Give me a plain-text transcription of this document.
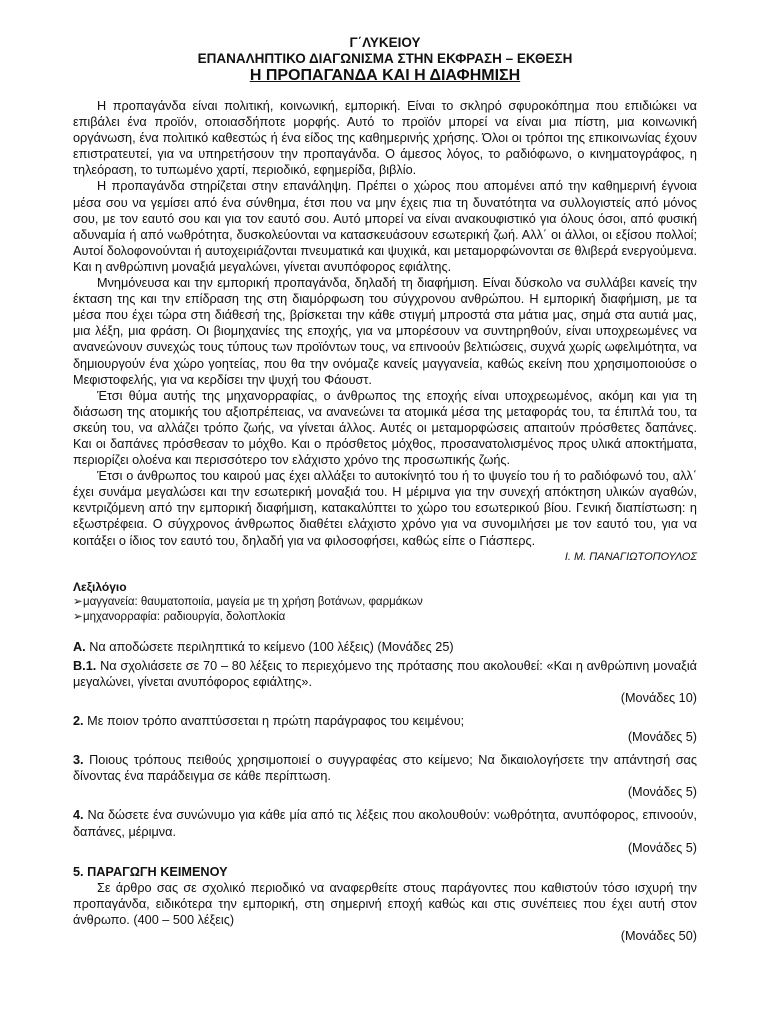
Γ΄ΛΥΚΕΙΟΥ
ΕΠΑΝΑΛΗΠΤΙΚΟ ΔΙΑΓΩΝΙΣΜΑ ΣΤΗΝ ΕΚΦΡΑΣΗ – ΕΚΘΕΣΗ
Η ΠΡΟΠΑΓΑΝΔΑ ΚΑΙ Η ΔΙΑΦΗΜΙΣΗ

Η προπαγάνδα είναι πολιτική, κοινωνική, εμπορική. Είναι το σκληρό σφυροκόπημα που επιδιώκει να επιβάλει ένα προϊόν, οποιασδήποτε μορφής. Αυτό το προϊόν μπορεί να είναι μια πίστη, μια κοινωνική οργάνωση, ένα πολιτικό καθεστώς ή ένα είδος της καθημερινής χρήσης. Όλοι οι τρόποι της επικοινωνίας έχουν επιστρατευτεί, για να υπηρετήσουν την προπαγάνδα. Ο άμεσος λόγος, το ραδιόφωνο, ο κινηματογράφος, η τηλεόραση, το τυπωμένο χαρτί, περιοδικό, εφημερίδα, βιβλίο.

Η προπαγάνδα στηρίζεται στην επανάληψη. Πρέπει ο χώρος που απομένει από την καθημερινή έγνοια μέσα σου να γεμίσει από ένα σύνθημα, έτσι που να μην έχεις πια τη δυνατότητα να συλλογιστείς από μόνος σου, με τον εαυτό σου και για τον εαυτό σου. Αυτό μπορεί να είναι ανακουφιστικό για όλους όσοι, από φυσική αδυναμία ή από νωθρότητα, δυσκολεύονται να κατασκευάσουν εσωτερική ζωή. Αλλ΄ οι άλλοι, οι εξίσου πολλοί; Αυτοί δολοφονούνται ή αυτοχειριάζονται πνευματικά και ψυχικά, και μεταμορφώνονται σε θλιβερά ενεργούμενα. Και η ανθρώπινη μοναξιά μεγαλώνει, γίνεται ανυπόφορος εφιάλτης.

Μνημόνευσα και την εμπορική προπαγάνδα, δηλαδή τη διαφήμιση. Είναι δύσκολο να συλλάβει κανείς την έκταση της και την επίδραση της στη διαμόρφωση του σύγχρονου ανθρώπου. Η εμπορική διαφήμιση, με τα μέσα που έχει τώρα στη διάθεσή της, βρίσκεται την κάθε στιγμή μπροστά στα μάτια μας, σημά στα αυτιά μας, μια λέξη, μια φράση. Οι βιομηχανίες της εποχής, για να μπορέσουν να συντηρηθούν, είναι υποχρεωμένες να ανανεώνουν συνεχώς τους τύπους των προϊόντων τους, να επινοούν βελτιώσεις, συχνά χωρίς ωφελιμότητα, να δημιουργούν ένα χώρο γοητείας, που θα την ονόμαζε κανείς μαγγανεία, καθώς εκείνη που χρησιμοποιούσε ο Μεφιστοφελής, για να κερδίσει την ψυχή του Φάουστ.

Έτσι θύμα αυτής της μηχανορραφίας, ο άνθρωπος της εποχής είναι υποχρεωμένος, ακόμη και για τη διάσωση της ατομικής του αξιοπρέπειας, να ανανεώνει τα ατομικά μέσα της μεταφοράς του, τα έπιπλά του, τα σκεύη του, να αλλάζει τρόπο ζωής, να γίνεται άλλος. Αυτές οι μεταμορφώσεις απαιτούν πρόσθετες δαπάνες. Και οι δαπάνες πρόσθεσαν το μόχθο. Και ο πρόσθετος μόχθος, προσανατολισμένος προς υλικά αποκτήματα, περιορίζει ολοένα και περισσότερο τον ελάχιστο χρόνο της προσωπικής ζωής.

Έτσι ο άνθρωπος του καιρού μας έχει αλλάξει το αυτοκίνητό του ή το ψυγείο του ή το ραδιόφωνό του, αλλ΄ έχει συνάμα μεγαλώσει και την εσωτερική μοναξιά του. Η μέριμνα για την συνεχή απόκτηση υλικών αγαθών, κεντριζόμενη από την εμπορική διαφήμιση, κατακαλύπτει το χώρο του εσωτερικού βίου. Γενική διαπίστωση: η εξωστρέφεια. Ο σύγχρονος άνθρωπος διαθέτει ελάχιστο χρόνο για να συνομιλήσει με τον εαυτό του, για να κοιτάξει ο ίδιος τον εαυτό του, δηλαδή για να φιλοσοφήσει, καθώς είπε ο Γιάσπερς.

Ι. Μ. ΠΑΝΑΓΙΩΤΟΠΟΥΛΟΣ
Λεξιλόγιο
➢μαγγανεία: θαυματοποιία, μαγεία με τη χρήση βοτάνων, φαρμάκων
➢μηχανορραφία: ραδιουργία, δολοπλοκία
Α. Να αποδώσετε περιληπτικά το κείμενο (100 λέξεις) (Μονάδες 25)
Β.1. Να σχολιάσετε σε 70 – 80 λέξεις το περιεχόμενο της πρότασης που ακολουθεί: «Και η ανθρώπινη μοναξιά μεγαλώνει, γίνεται ανυπόφορος εφιάλτης».
(Μονάδες 10)
2. Με ποιον τρόπο αναπτύσσεται η πρώτη παράγραφος του κειμένου;
(Μονάδες 5)
3. Ποιους τρόπους πειθούς χρησιμοποιεί ο συγγραφέας στο κείμενο; Να δικαιολογήσετε την απάντησή σας δίνοντας ένα παράδειγμα σε κάθε περίπτωση.
(Μονάδες 5)
4. Να δώσετε ένα συνώνυμο για κάθε μία από τις λέξεις που ακολουθούν: νωθρότητα, ανυπόφορος, επινοούν, δαπάνες, μέριμνα.
(Μονάδες 5)
5. ΠΑΡΑΓΩΓΗ ΚΕΙΜΕΝΟΥ
Σε άρθρο σας σε σχολικό περιοδικό να αναφερθείτε στους παράγοντες που καθιστούν τόσο ισχυρή την προπαγάνδα, ειδικότερα την εμπορική, στη σημερινή εποχή καθώς και στις συνέπειες που έχει αυτή στον άνθρωπο. (400 – 500 λέξεις)
(Μονάδες 50)
